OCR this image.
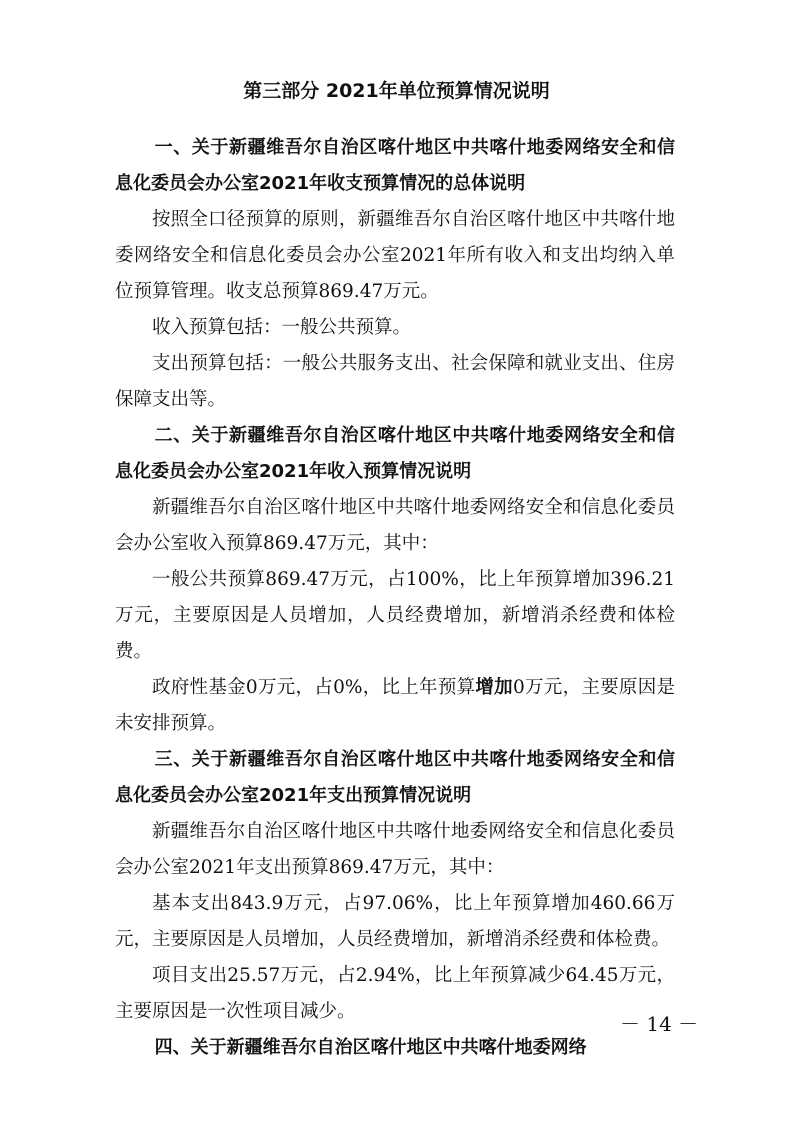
第三部分 2021年单位预算情况说明

一、关于新疆维吾尔自治区喀什地区中共喀什地委网络安全和信息化委员会办公室2021年收支预算情况的总体说明

按照全口径预算的原则，新疆维吾尔自治区喀什地区中共喀什地委网络安全和信息化委员会办公室2021年所有收入和支出均纳入单位预算管理。收支总预算869.47万元。

收入预算包括：一般公共预算。

支出预算包括：一般公共服务支出、社会保障和就业支出、住房保障支出等。

二、关于新疆维吾尔自治区喀什地区中共喀什地委网络安全和信息化委员会办公室2021年收入预算情况说明

新疆维吾尔自治区喀什地区中共喀什地委网络安全和信息化委员会办公室收入预算869.47万元，其中：

一般公共预算869.47万元，占100%，比上年预算增加396.21万元，主要原因是人员增加，人员经费增加，新增消杀经费和体检费。

政府性基金0万元，占0%，比上年预算增加0万元，主要原因是未安排预算。

三、关于新疆维吾尔自治区喀什地区中共喀什地委网络安全和信息化委员会办公室2021年支出预算情况说明

新疆维吾尔自治区喀什地区中共喀什地委网络安全和信息化委员会办公室2021年支出预算869.47万元，其中：

基本支出843.9万元，占97.06%，比上年预算增加460.66万元，主要原因是人员增加，人员经费增加，新增消杀经费和体检费。

项目支出25.57万元，占2.94%，比上年预算减少64.45万元，主要原因是一次性项目减少。

四、关于新疆维吾尔自治区喀什地区中共喀什地委网络

－ 14 －
